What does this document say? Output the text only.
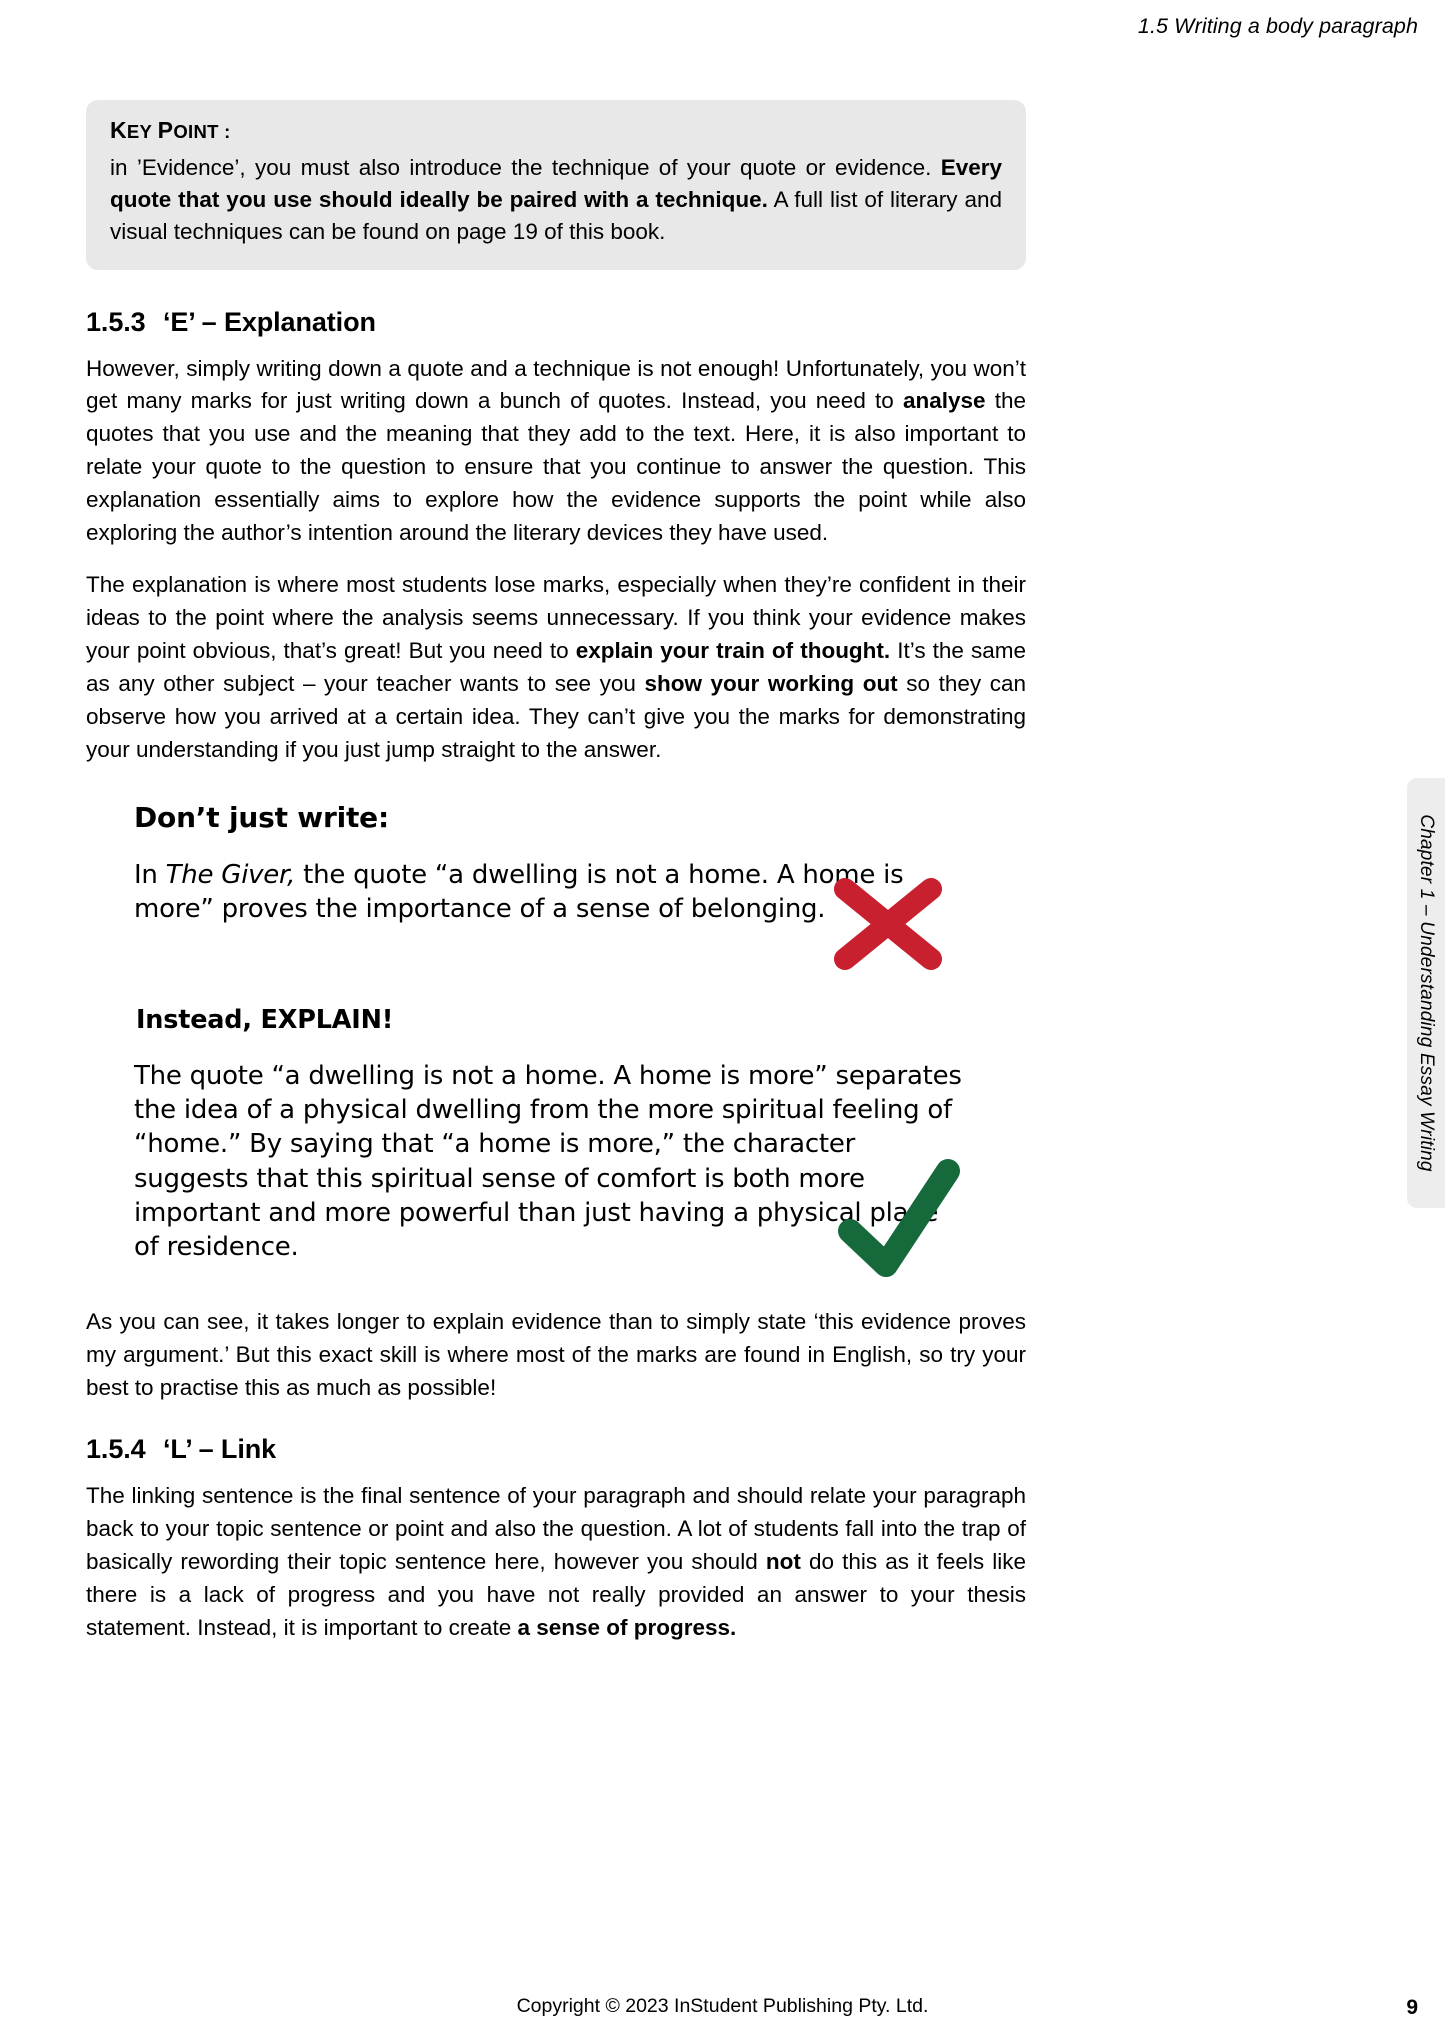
1.5 Writing a body paragraph
KEY POINT :
in ’Evidence’, you must also introduce the technique of your quote or evidence. Every quote that you use should ideally be paired with a technique. A full list of literary and visual techniques can be found on page 19 of this book.
1.5.3 ‘E’ – Explanation

However, simply writing down a quote and a technique is not enough! Unfortunately, you won’t get many marks for just writing down a bunch of quotes. Instead, you need to analyse the quotes that you use and the meaning that they add to the text. Here, it is also important to relate your quote to the question to ensure that you continue to answer the question. This explanation essentially aims to explore how the evidence supports the point while also exploring the author’s intention around the literary devices they have used.

The explanation is where most students lose marks, especially when they’re confident in their ideas to the point where the analysis seems unnecessary. If you think your evidence makes your point obvious, that’s great! But you need to explain your train of thought. It’s the same as any other subject – your teacher wants to see you show your working out so they can observe how you arrived at a certain idea. They can’t give you the marks for demonstrating your understanding if you just jump straight to the answer.

Don’t just write:
In The Giver, the quote “a dwelling is not a home. A home is more” proves the importance of a sense of belonging.
Instead, EXPLAIN!
The quote “a dwelling is not a home. A home is more” separates the idea of a physical dwelling from the more spiritual feeling of “home.” By saying that “a home is more,” the character suggests that this spiritual sense of comfort is both more important and more powerful than just having a physical place of residence.

As you can see, it takes longer to explain evidence than to simply state ‘this evidence proves my argument.’ But this exact skill is where most of the marks are found in English, so try your best to practise this as much as possible!

1.5.4 ‘L’ – Link

The linking sentence is the final sentence of your paragraph and should relate your paragraph back to your topic sentence or point and also the question. A lot of students fall into the trap of basically rewording their topic sentence here, however you should not do this as it feels like there is a lack of progress and you have not really provided an answer to your thesis statement. Instead, it is important to create a sense of progress.

Chapter 1 – Understanding Essay Writing
Copyright © 2023 InStudent Publishing Pty. Ltd.	9
